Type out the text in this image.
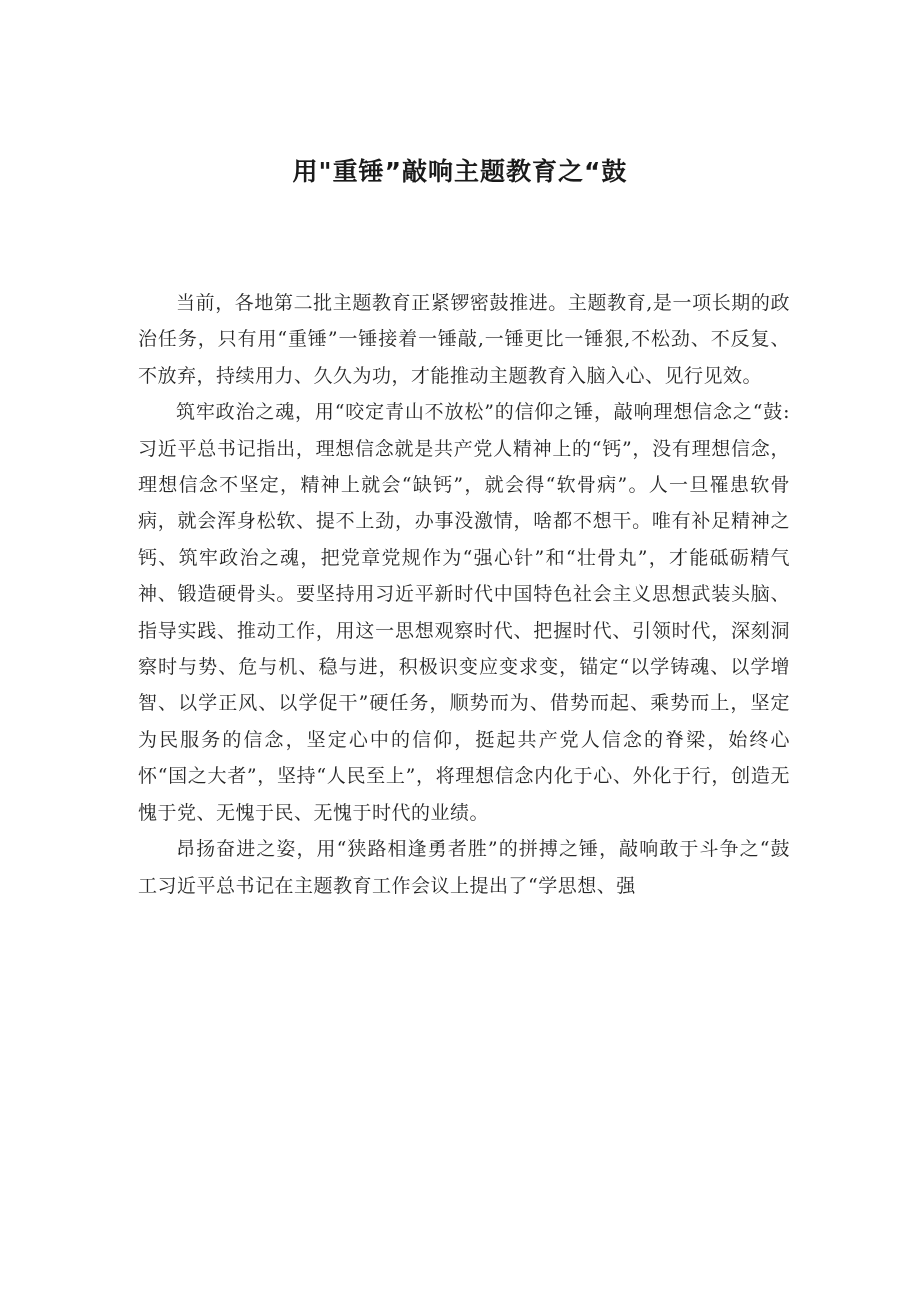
用"重锤”敲响主题教育之“鼓

当前，各地第二批主题教育正紧锣密鼓推进。主题教育,是一项长期的政治任务，只有用“重锤”一锤接着一锤敲,一锤更比一锤狠,不松劲、不反复、不放弃，持续用力、久久为功，才能推动主题教育入脑入心、见行见效。

筑牢政治之魂，用“咬定青山不放松”的信仰之锤，敲响理想信念之“鼓:习近平总书记指出，理想信念就是共产党人精神上的“钙”，没有理想信念，理想信念不坚定，精神上就会“缺钙”，就会得“软骨病”。人一旦罹患软骨病，就会浑身松软、提不上劲，办事没激情，啥都不想干。唯有补足精神之钙、筑牢政治之魂，把党章党规作为“强心针”和“壮骨丸”，才能砥砺精气神、锻造硬骨头。要坚持用习近平新时代中国特色社会主义思想武装头脑、指导实践、推动工作，用这一思想观察时代、把握时代、引领时代，深刻洞察时与势、危与机、稳与进，积极识变应变求变，锚定“以学铸魂、以学增智、以学正风、以学促干”硬任务，顺势而为、借势而起、乘势而上，坚定为民服务的信念，坚定心中的信仰，挺起共产党人信念的脊梁，始终心怀“国之大者”，坚持“人民至上”，将理想信念内化于心、外化于行，创造无愧于党、无愧于民、无愧于时代的业绩。

昂扬奋进之姿，用“狭路相逢勇者胜”的拼搏之锤，敲响敢于斗争之“鼓工习近平总书记在主题教育工作会议上提出了“学思想、强
